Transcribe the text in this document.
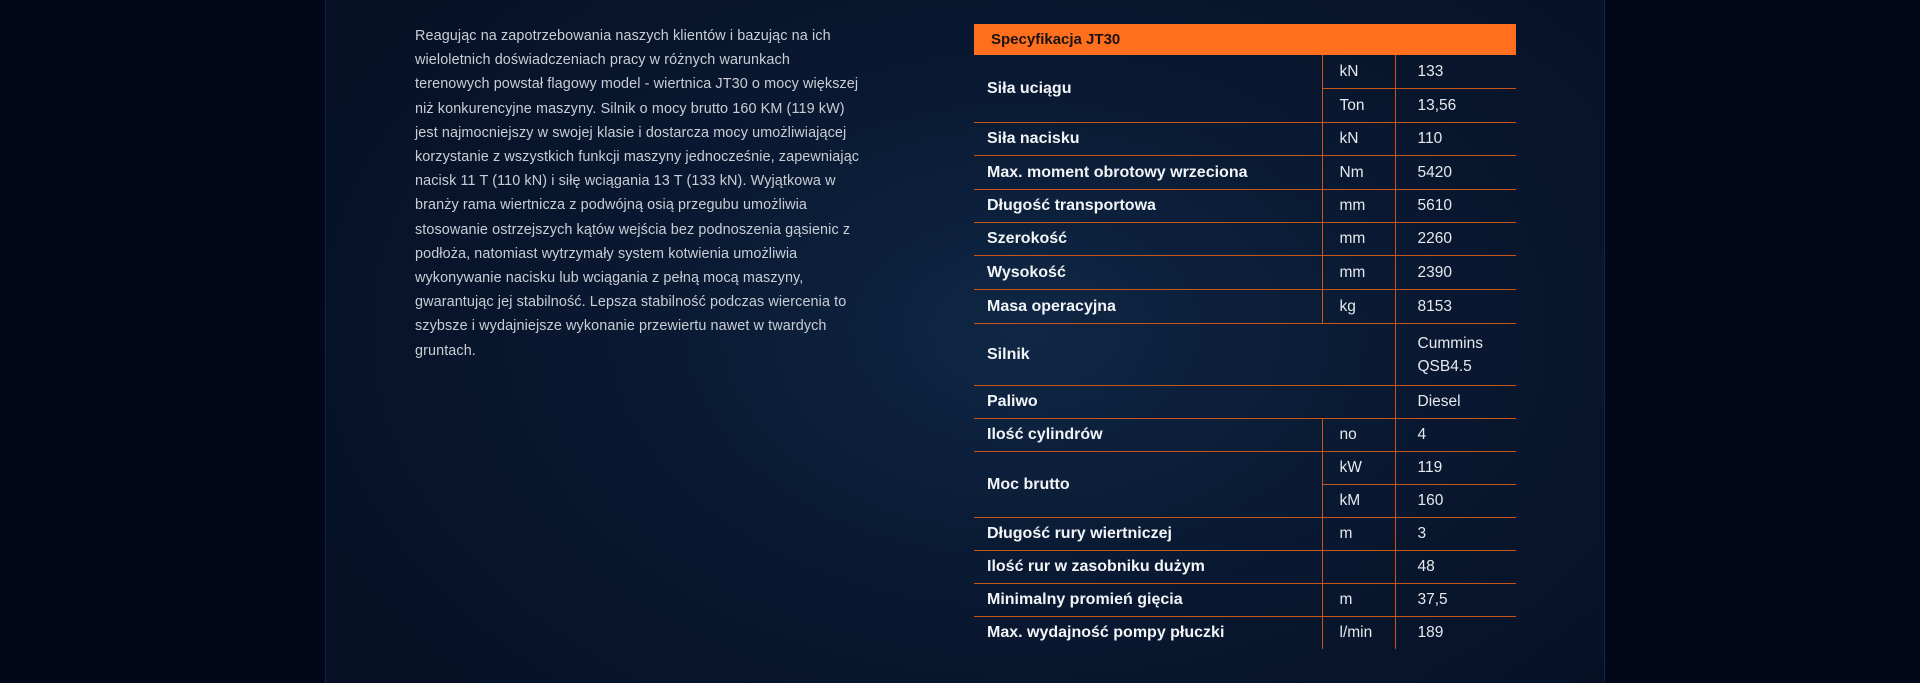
Reagując na zapotrzebowania naszych klientów i bazując na ich wieloletnich doświadczeniach pracy w różnych warunkach terenowych powstał flagowy model - wiertnica JT30 o mocy większej niż konkurencyjne maszyny. Silnik o mocy brutto 160 KM (119 kW) jest najmocniejszy w swojej klasie i dostarcza mocy umożliwiającej korzystanie z wszystkich funkcji maszyny jednocześnie, zapewniając nacisk 11 T (110 kN) i siłę wciągania 13 T (133 kN). Wyjątkowa w branży rama wiertnicza z podwójną osią przegubu umożliwia stosowanie ostrzejszych kątów wejścia bez podnoszenia gąsienic z podłoża, natomiast wytrzymały system kotwienia umożliwia wykonywanie nacisku lub wciągania z pełną mocą maszyny, gwarantując jej stabilność. Lepsza stabilność podczas wiercenia to szybsze i wydajniejsze wykonanie przewiertu nawet w twardych gruntach.

Specyfikacja JT30
Siła uciągu	kN	133
	Ton	13,56
Siła nacisku	kN	110
Max. moment obrotowy wrzeciona	Nm	5420
Długość transportowa	mm	5610
Szerokość	mm	2260
Wysokość	mm	2390
Masa operacyjna	kg	8153
Silnik		Cummins
QSB4.5
Paliwo		Diesel
Ilość cylindrów	no	4
Moc brutto	kW	119
	kM	160
Długość rury wiertniczej	m	3
Ilość rur w zasobniku dużym		48
Minimalny promień gięcia	m	37,5
Max. wydajność pompy płuczki	l/min	189
